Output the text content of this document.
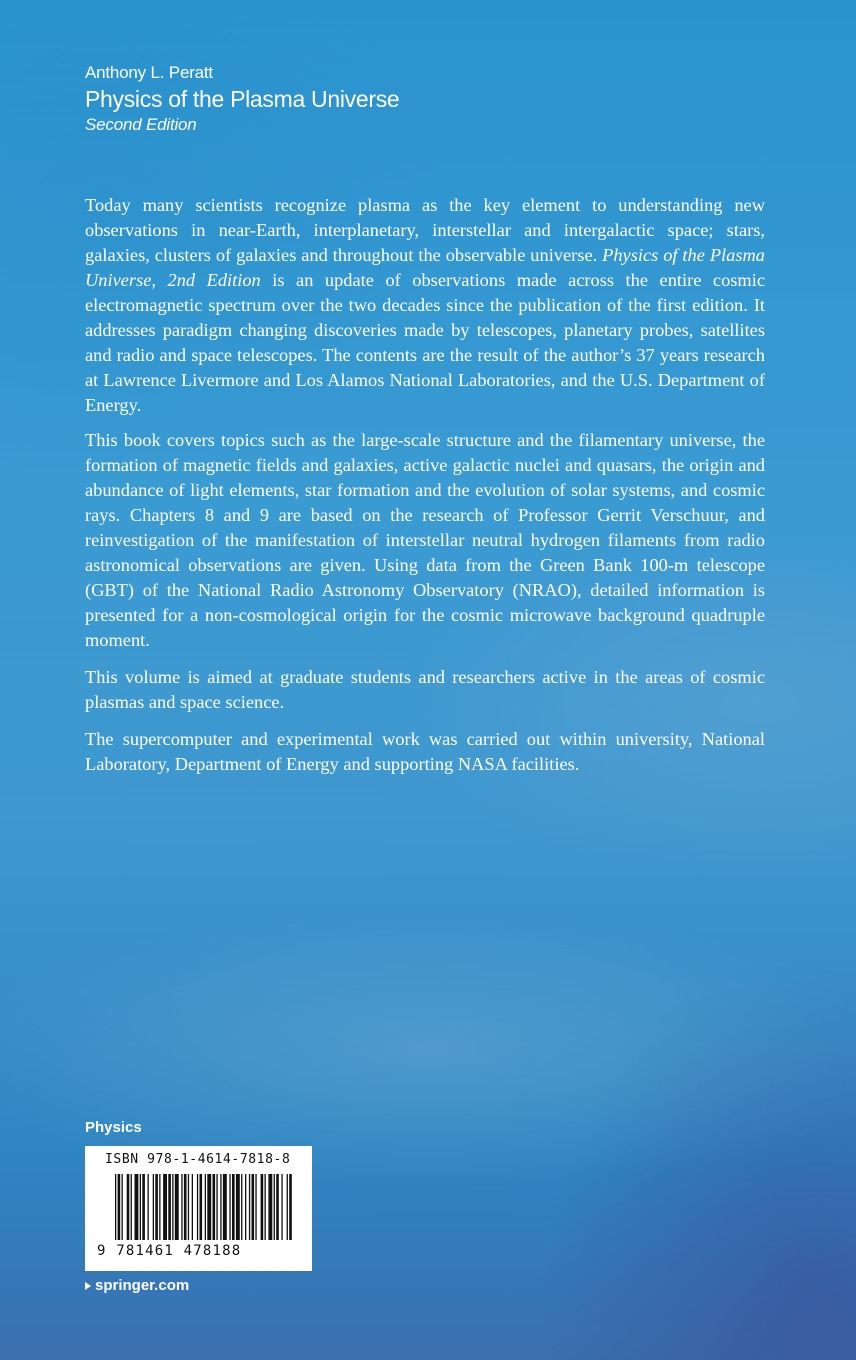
Anthony L. Peratt
Physics of the Plasma Universe
Second Edition

Today many scientists recognize plasma as the key element to understanding new observations in near-Earth, interplanetary, interstellar and intergalactic space; stars, galaxies, clusters of galaxies and throughout the observable universe. Physics of the Plasma Universe, 2nd Edition is an update of observations made across the entire cosmic electromagnetic spectrum over the two decades since the publication of the first edition. It addresses paradigm changing discoveries made by telescopes, planetary probes, satellites and radio and space telescopes. The contents are the result of the author’s 37 years research at Lawrence Livermore and Los Alamos National Laboratories, and the U.S. Department of Energy.

This book covers topics such as the large-scale structure and the filamentary universe, the formation of magnetic fields and galaxies, active galactic nuclei and quasars, the origin and abundance of light elements, star formation and the evolution of solar systems, and cosmic rays. Chapters 8 and 9 are based on the research of Professor Gerrit Verschuur, and reinvestigation of the manifestation of interstellar neutral hydrogen filaments from radio astronomical observations are given. Using data from the Green Bank 100-m telescope (GBT) of the National Radio Astronomy Observatory (NRAO), detailed information is presented for a non-cosmological origin for the cosmic microwave background quadruple moment.

This volume is aimed at graduate students and researchers active in the areas of cosmic plasmas and space science.

The supercomputer and experimental work was carried out within university, National Laboratory, Department of Energy and supporting NASA facilities.

Physics
ISBN 978-1-4614-7818-8
9 781461 478188
springer.com
